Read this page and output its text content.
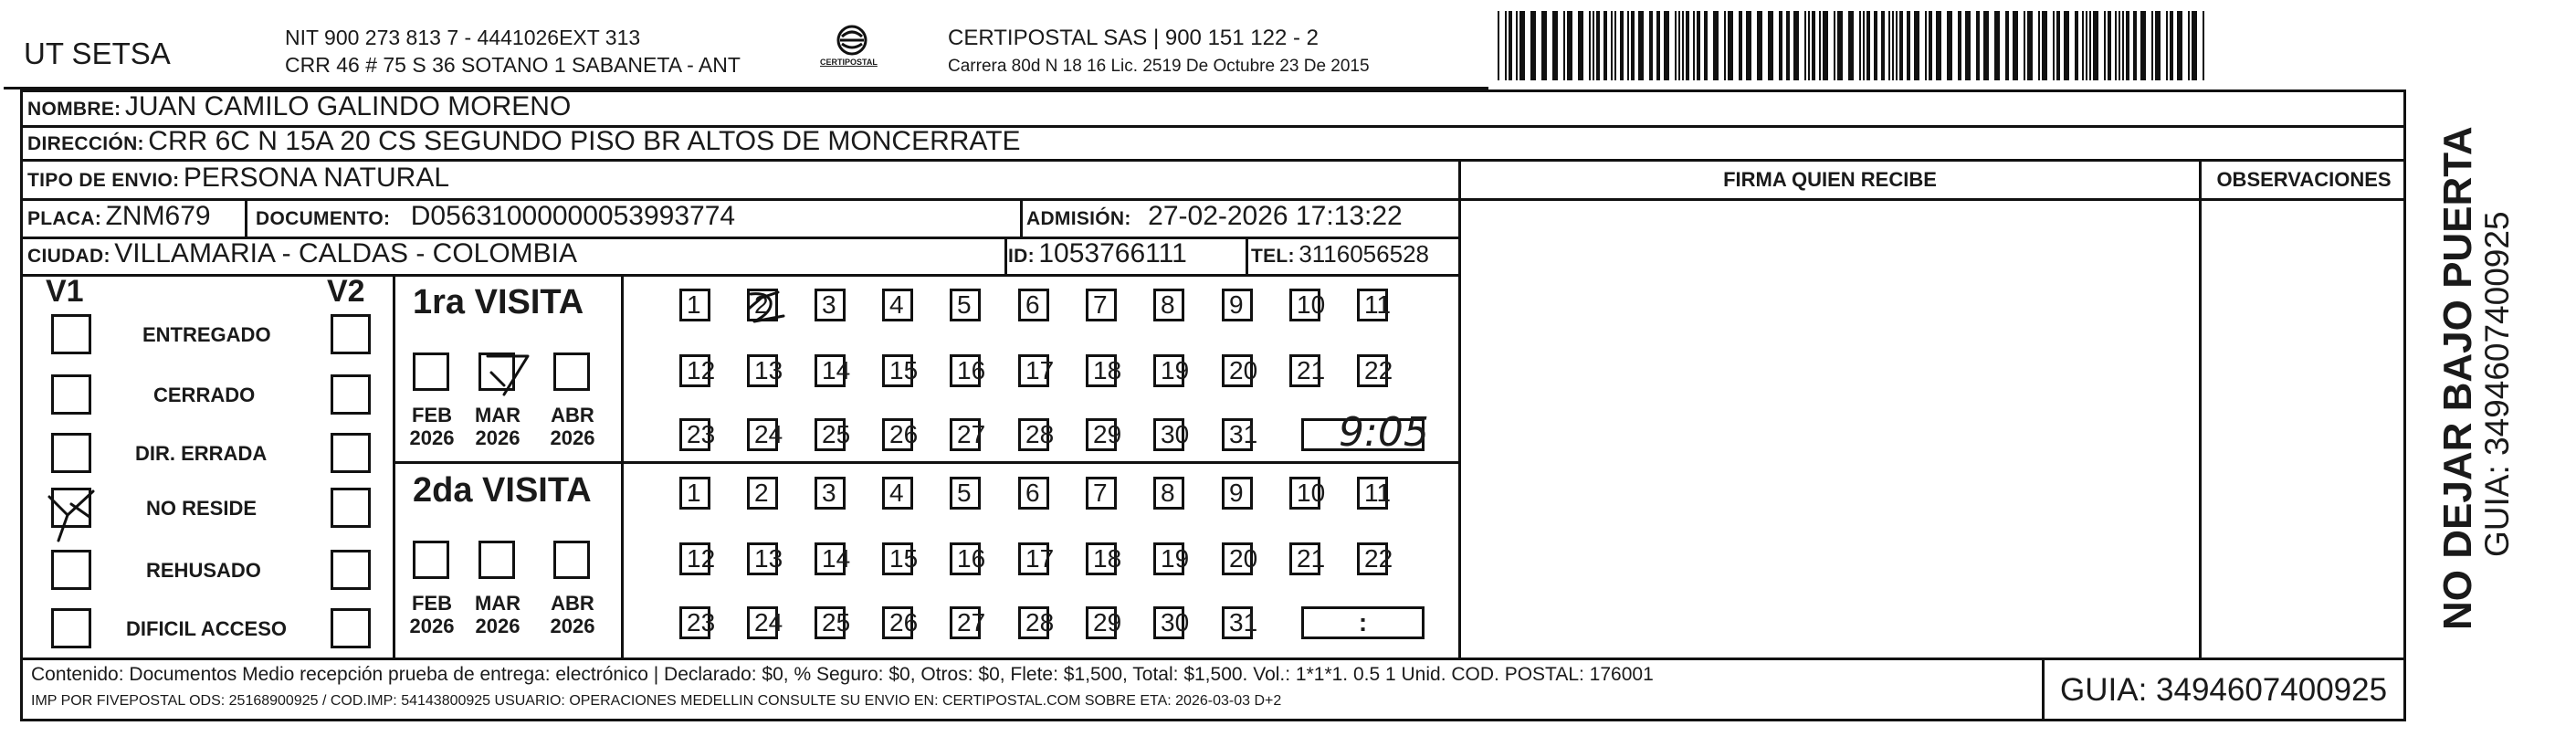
UT SETSA	NIT 900 273 813 7 - 4441026EXT 313
CRR 46 # 75 S 36 SOTANO 1 SABANETA - ANT	CERTIPOSTAL
CERTIPOSTAL SAS | 900 151 122 - 2
Carrera 80d N 18 16 Lic. 2519 De Octubre 23 De 2015
NOMBRE: JUAN CAMILO GALINDO MORENO
DIRECCIÓN: CRR 6C N 15A 20 CS SEGUNDO PISO BR ALTOS DE MONCERRATE
TIPO DE ENVIO: PERSONA NATURAL	FIRMA QUIEN RECIBE	OBSERVACIONES
PLACA: ZNM679 DOCUMENTO: D05631000000053993774	ADMISIÓN: 27-02-2026 17:13:22
CIUDAD: VILLAMARIA - CALDAS - COLOMBIA	ID: 1053766111	TEL: 3116056528
V1	V2
ENTREGADO
CERRADO
DIR. ERRADA
NO RESIDE
REHUSADO
DIFICIL ACCESO
1ra VISITA
2da VISITA
1 2 3 4 5 6 7 8 9 10 11
12 13 14 15 16 17 18 19 20 21 22
23 24 25 26 27 28 29 30 31
FEB
2026
MAR
2026
ABR
2026
1 2 3 4 5 6 7 8 9 10 11
12 13 14 15 16 17 18 19 20 21 22
23 24 25 26 27 28 29 30 31	:
FEB
2026
MAR
2026
ABR
2026
9:05
Contenido: Documentos Medio recepción prueba de entrega: electrónico | Declarado: $0, % Seguro: $0, Otros: $0, Flete: $1,500, Total: $1,500. Vol.: 1*1*1. 0.5 1 Unid. COD. POSTAL: 176001
IMP POR FIVEPOSTAL ODS: 25168900925 / COD.IMP: 54143800925 USUARIO: OPERACIONES MEDELLIN CONSULTE SU ENVIO EN: CERTIPOSTAL.COM SOBRE ETA: 2026-03-03 D+2	GUIA: 3494607400925
NO DEJAR BAJO PUERTA
GUIA: 3494607400925
